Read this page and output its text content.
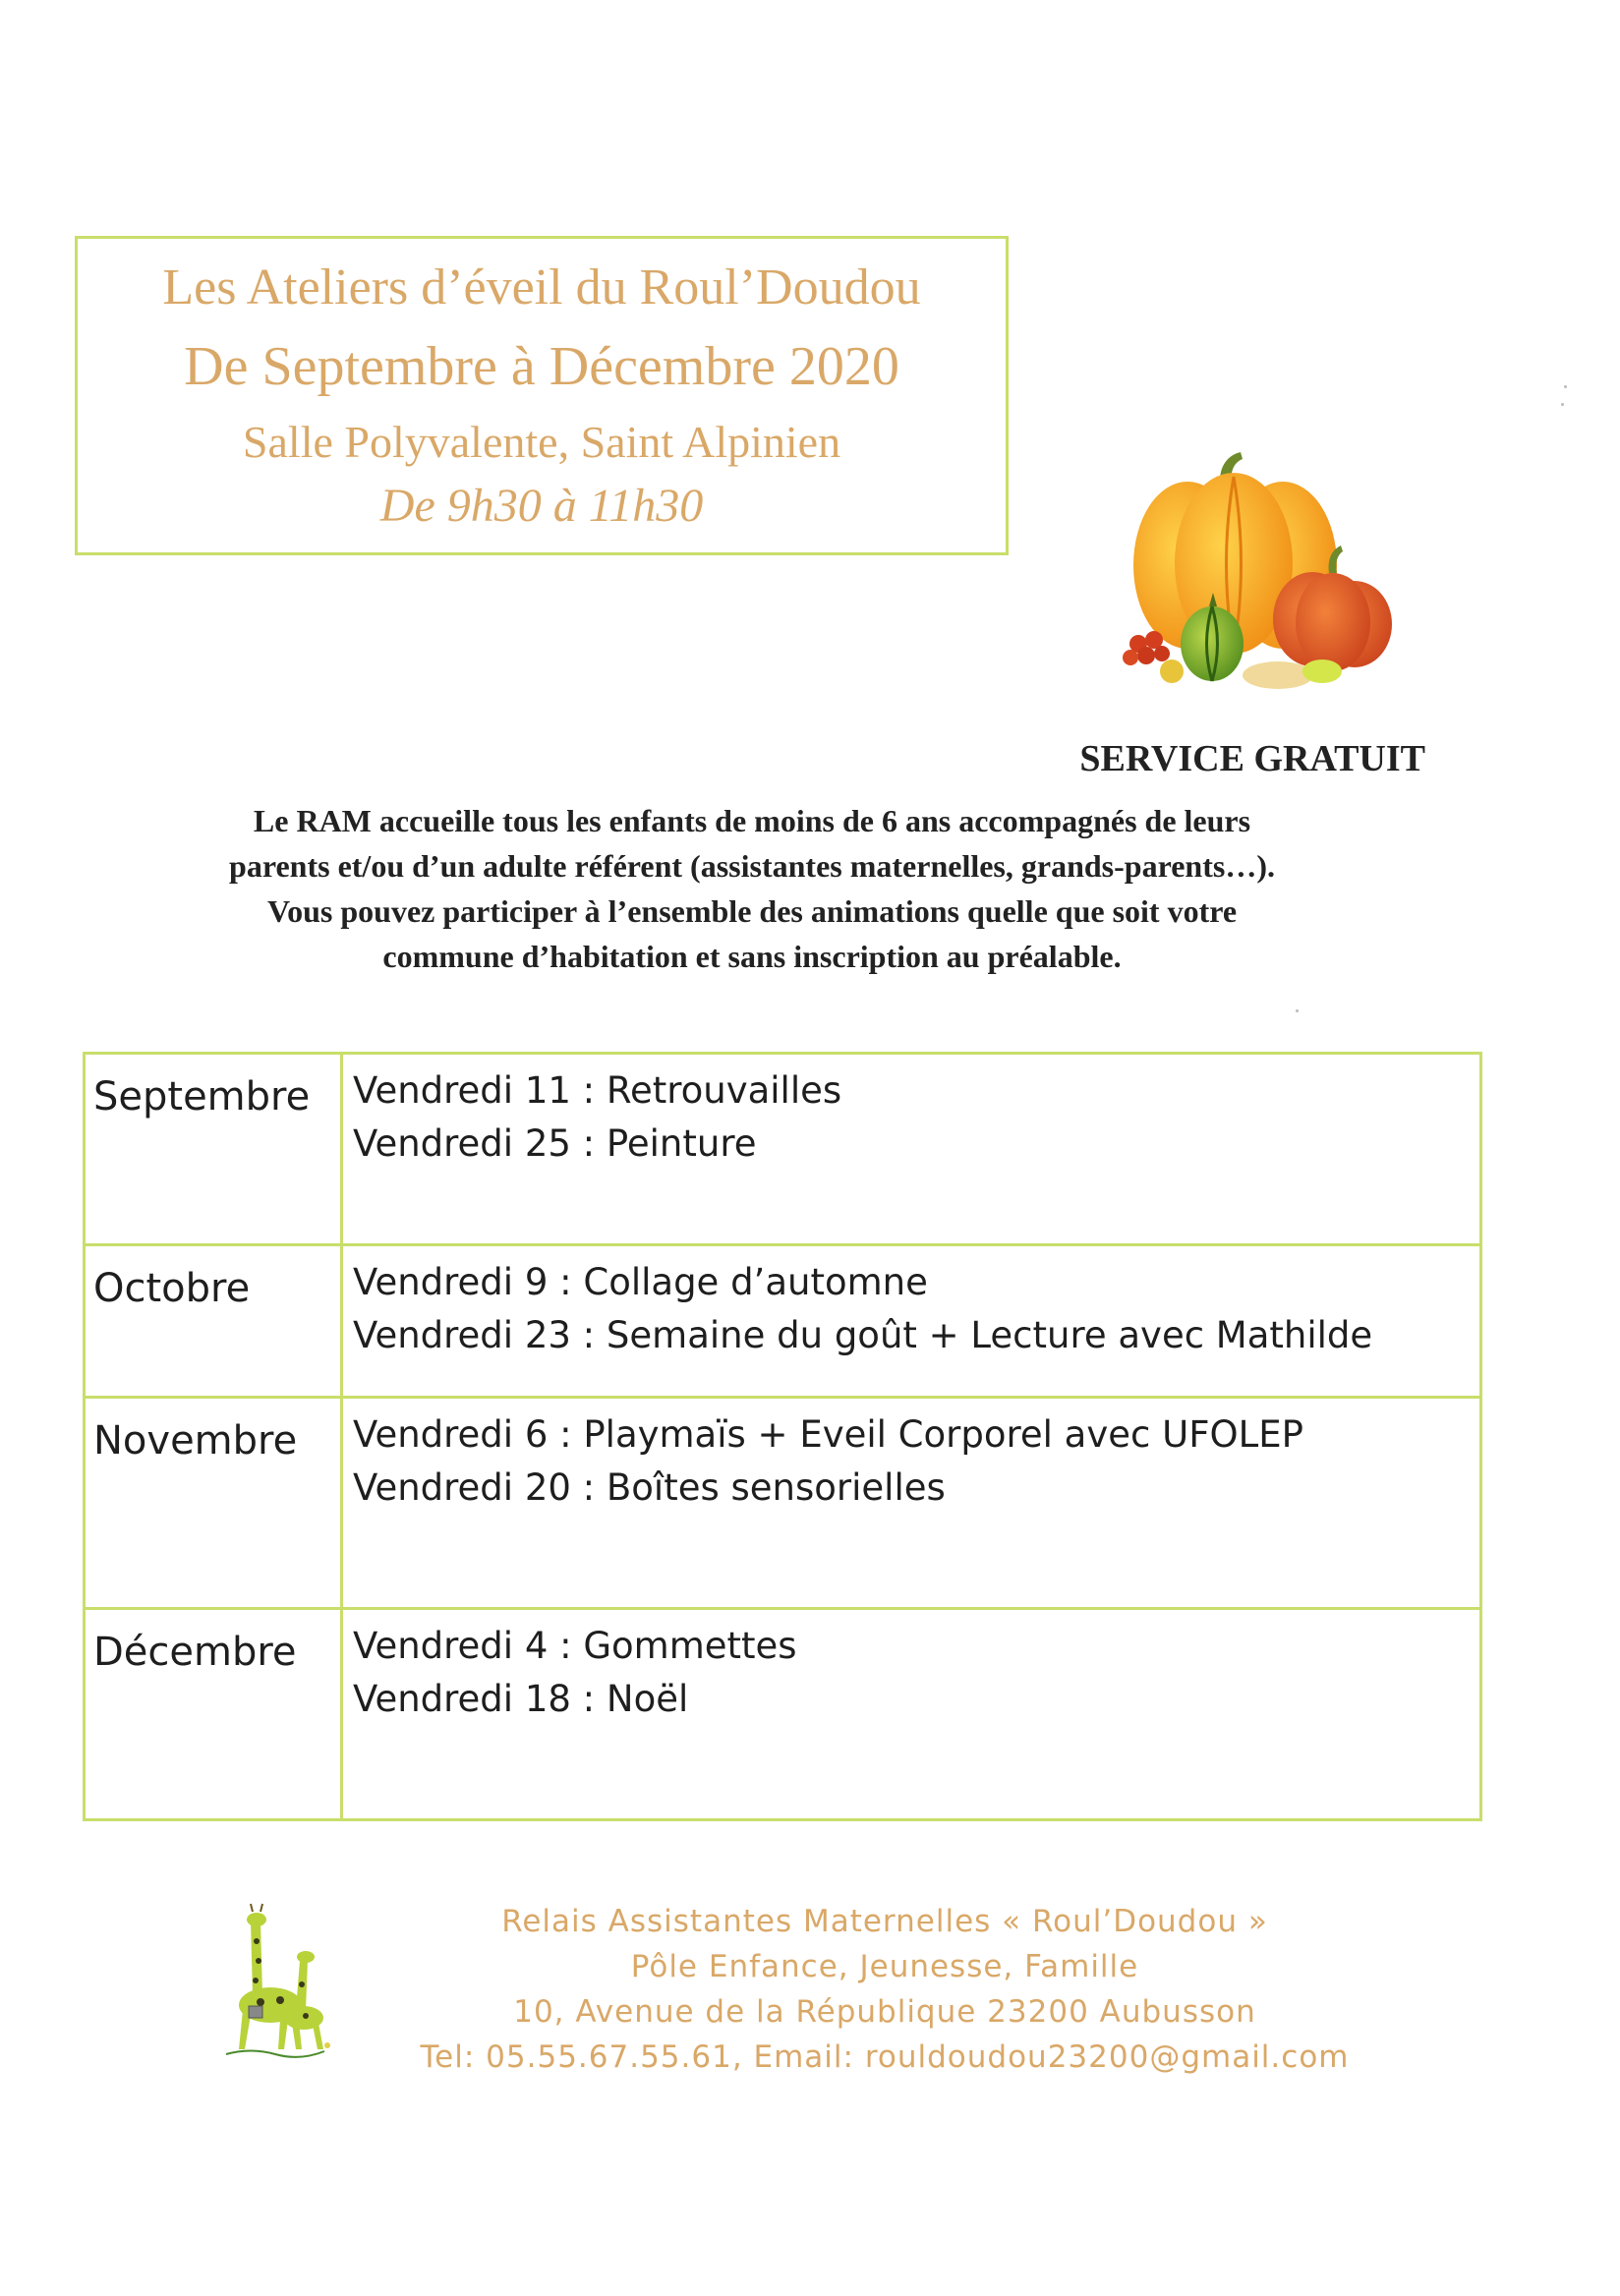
Les Ateliers d’éveil du Roul’Doudou
De Septembre à Décembre 2020
Salle Polyvalente, Saint Alpinien
De 9h30 à 11h30
SERVICE GRATUIT
Le RAM accueille tous les enfants de moins de 6 ans accompagnés de leurs
parents et/ou d’un adulte référent (assistantes maternelles, grands-parents…).
Vous pouvez participer à l’ensemble des animations quelle que soit votre
commune d’habitation et sans inscription au préalable.
Septembre	Vendredi 11 : Retrouvailles
Vendredi 25 : Peinture

Octobre	Vendredi 9 : Collage d’automne
Vendredi 23 : Semaine du goût + Lecture avec Mathilde

Novembre	Vendredi 6 : Playmaïs + Eveil Corporel avec UFOLEP
Vendredi 20 : Boîtes sensorielles

Décembre	Vendredi 4 : Gommettes
Vendredi 18 : Noël
Relais Assistantes Maternelles « Roul’Doudou »
Pôle Enfance, Jeunesse, Famille
10, Avenue de la République 23200 Aubusson
Tel: 05.55.67.55.61, Email: rouldoudou23200@gmail.com
